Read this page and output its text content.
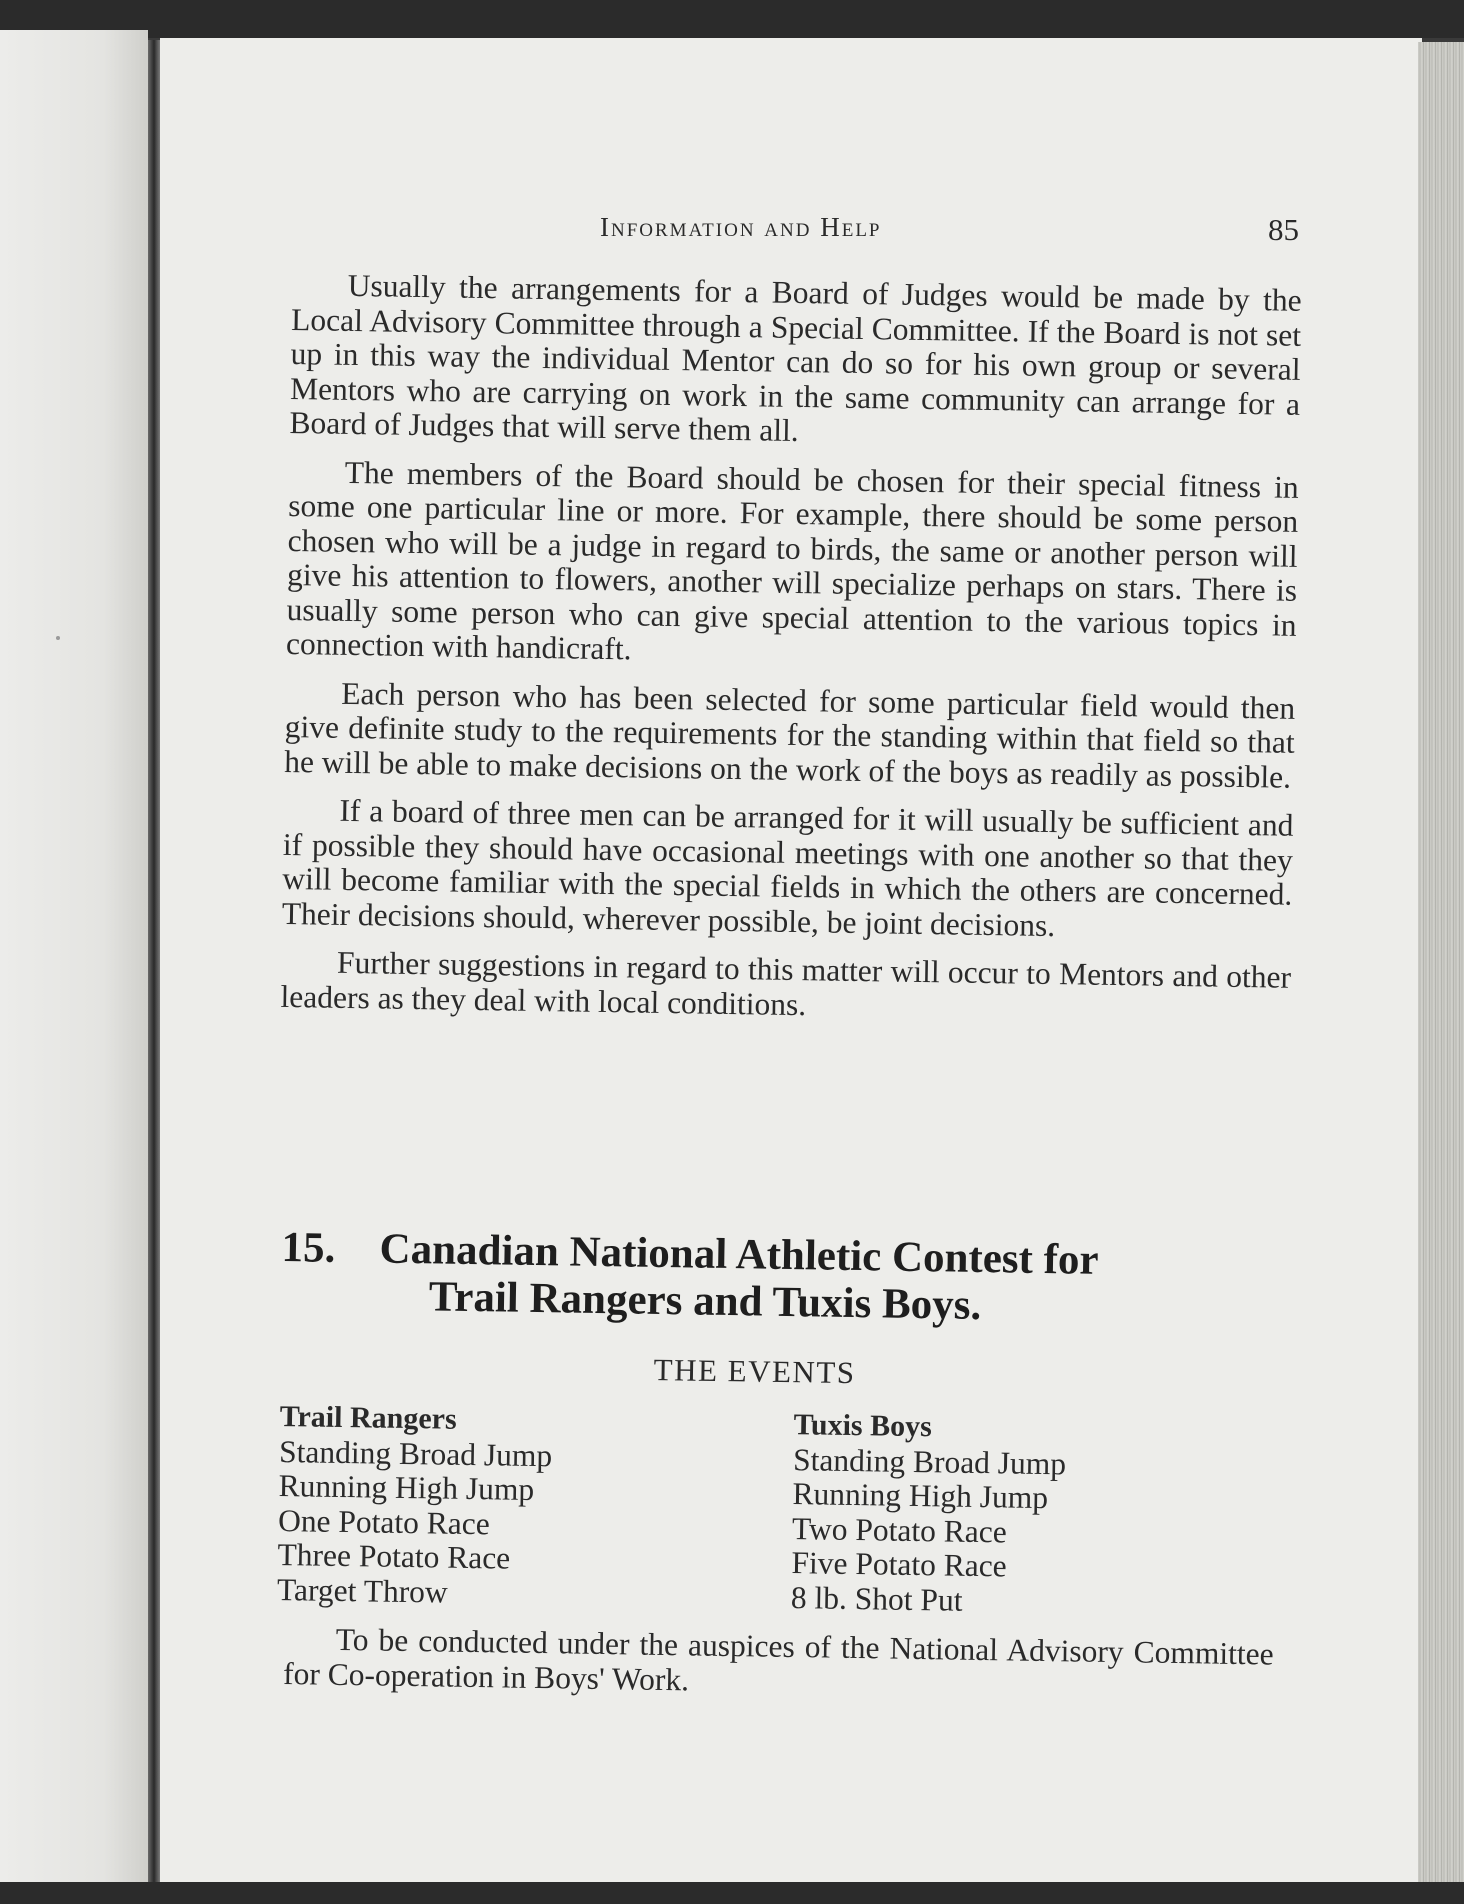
Information and Help	85

Usually the arrangements for a Board of Judges would be made by the Local Advisory Committee through a Special Committee. If the Board is not set up in this way the individual Mentor can do so for his own group or several Mentors who are carrying on work in the same community can arrange for a Board of Judges that will serve them all.

The members of the Board should be chosen for their special fitness in some one particular line or more. For example, there should be some person chosen who will be a judge in regard to birds, the same or another person will give his attention to flowers, another will specialize perhaps on stars. There is usually some person who can give special attention to the various topics in connection with handicraft.

Each person who has been selected for some particular field would then give definite study to the requirements for the standing within that field so that he will be able to make decisions on the work of the boys as readily as possible.

If a board of three men can be arranged for it will usually be sufficient and if possible they should have occasional meetings with one another so that they will become familiar with the special fields in which the others are concerned. Their decisions should, wherever possible, be joint decisions.

Further suggestions in regard to this matter will occur to Mentors and other leaders as they deal with local conditions.

15. Canadian National Athletic Contest for
Trail Rangers and Tuxis Boys.
THE EVENTS
Trail Rangers
Standing Broad Jump
Running High Jump
One Potato Race
Three Potato Race
Target Throw
Tuxis Boys
Standing Broad Jump
Running High Jump
Two Potato Race
Five Potato Race
8 lb. Shot Put
To be conducted under the auspices of the National Advisory Committee for Co-operation in Boys' Work.
